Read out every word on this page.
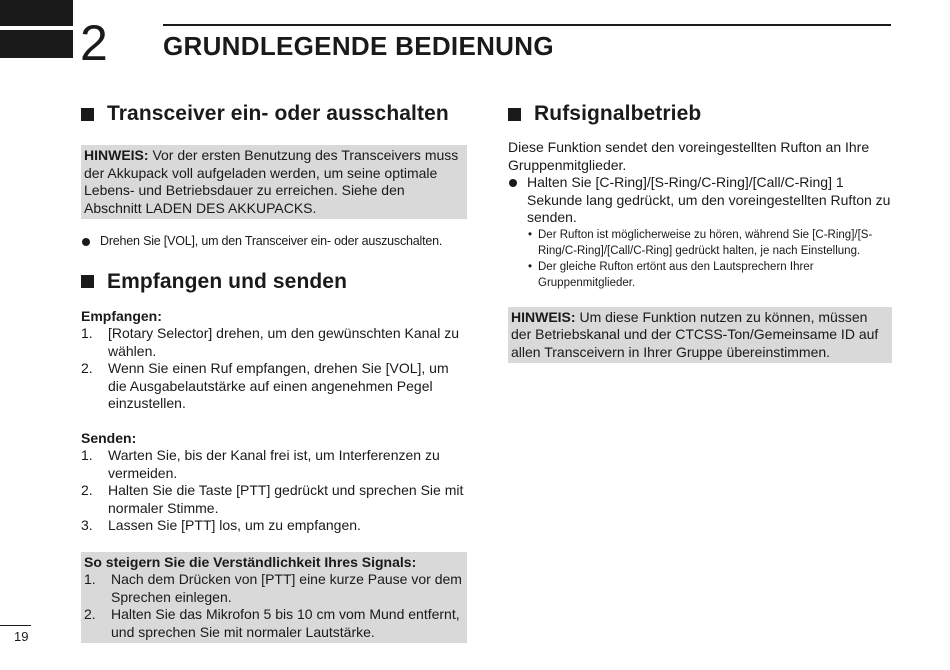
2 GRUNDLEGENDE BEDIENUNG
Transceiver ein- oder ausschalten
HINWEIS: Vor der ersten Benutzung des Transceivers muss der Akkupack voll aufgeladen werden, um seine optimale Lebens- und Betriebsdauer zu erreichen. Siehe den Abschnitt LADEN DES AKKUPACKS.
Drehen Sie [VOL], um den Transceiver ein- oder auszuschalten.
Empfangen und senden

Empfangen:

1.	[Rotary Selector] drehen, um den gewünschten Kanal zu wählen.
2.	Wenn Sie einen Ruf empfangen, drehen Sie [VOL], um die Ausgabelautstärke auf einen angenehmen Pegel einzustellen.

Senden:

1.	Warten Sie, bis der Kanal frei ist, um Interferenzen zu vermeiden.
2.	Halten Sie die Taste [PTT] gedrückt und sprechen Sie mit normaler Stimme.
3.	Lassen Sie [PTT] los, um zu empfangen.
So steigern Sie die Verständlichkeit Ihres Signals:
1.	Nach dem Drücken von [PTT] eine kurze Pause vor dem Sprechen einlegen.
2.	Halten Sie das Mikrofon 5 bis 10 cm vom Mund entfernt, und sprechen Sie mit normaler Lautstärke.
Rufsignalbetrieb

Diese Funktion sendet den voreingestellten Rufton an Ihre Gruppenmitglieder.

Halten Sie [C-Ring]/[S-Ring/C-Ring]/[Call/C-Ring] 1 Sekunde lang gedrückt, um den voreingestellten Rufton zu senden.
• Der Rufton ist möglicherweise zu hören, während Sie [C-Ring]/[S-Ring/C-Ring]/[Call/C-Ring] gedrückt halten, je nach Einstellung.
• Der gleiche Rufton ertönt aus den Lautsprechern Ihrer Gruppenmitglieder.
HINWEIS: Um diese Funktion nutzen zu können, müssen der Betriebskanal und der CTCSS-Ton/Gemeinsame ID auf allen Transceivern in Ihrer Gruppe übereinstimmen.
19
